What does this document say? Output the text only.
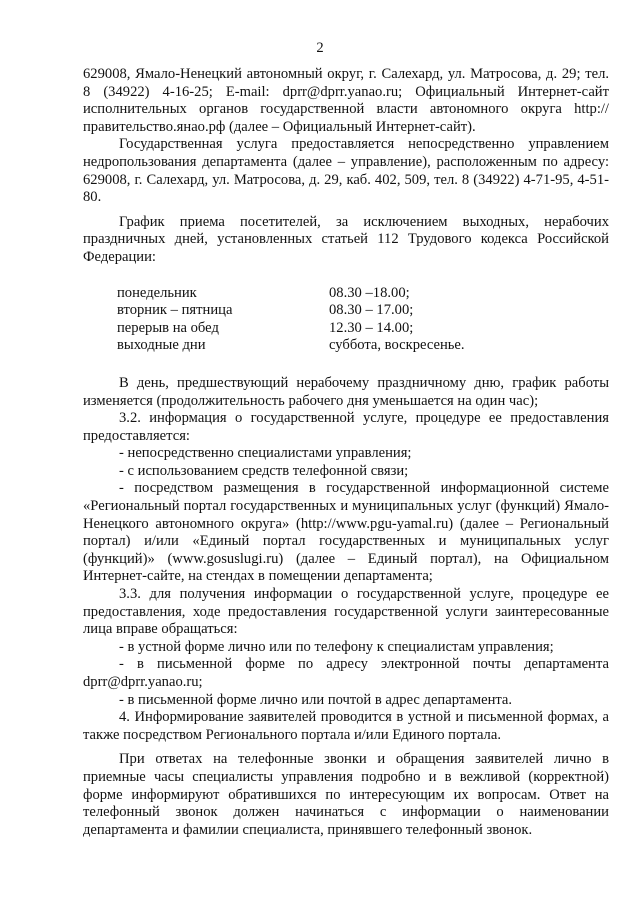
2

629008, Ямало-Ненецкий автономный округ, г. Салехард, ул. Матросова, д. 29; тел. 8 (34922) 4-16-25; E-mail: dprr@dprr.yanao.ru; Официальный Интернет-сайт исполнительных органов государственной власти автономного округа http://правительство.янао.рф (далее – Официальный Интернет-сайт).

Государственная услуга предоставляется непосредственно управлением недропользования департамента (далее – управление), расположенным по адресу: 629008, г. Салехард, ул. Матросова, д. 29, каб. 402, 509, тел. 8 (34922) 4-71-95, 4-51-80.

График приема посетителей, за исключением выходных, нерабочих праздничных дней, установленных статьей 112 Трудового кодекса Российской Федерации:

понедельник	08.30 –18.00;
вторник – пятница	08.30 – 17.00;
перерыв на обед	12.30 – 14.00;
выходные дни	суббота, воскресенье.

В день, предшествующий нерабочему праздничному дню, график работы изменяется (продолжительность рабочего дня уменьшается на один час);

3.2. информация о государственной услуге, процедуре ее предоставления предоставляется:

- непосредственно специалистами управления;

- с использованием средств телефонной связи;

- посредством размещения в государственной информационной системе «Региональный портал государственных и муниципальных услуг (функций) Ямало-Ненецкого автономного округа» (http://www.pgu-yamal.ru) (далее – Региональный портал) и/или «Единый портал государственных и муниципальных услуг (функций)» (www.gosuslugi.ru) (далее – Единый портал), на Официальном Интернет-сайте, на стендах в помещении департамента;

3.3. для получения информации о государственной услуге, процедуре ее предоставления, ходе предоставления государственной услуги заинтересованные лица вправе обращаться:

- в устной форме лично или по телефону к специалистам управления;

- в письменной форме по адресу электронной почты департамента dprr@dprr.yanao.ru;

- в письменной форме лично или почтой в адрес департамента.

4. Информирование заявителей проводится в устной и письменной формах, а также посредством Регионального портала и/или Единого портала.

При ответах на телефонные звонки и обращения заявителей лично в приемные часы специалисты управления подробно и в вежливой (корректной) форме информируют обратившихся по интересующим их вопросам. Ответ на телефонный звонок должен начинаться с информации о наименовании департамента и фамилии специалиста, принявшего телефонный звонок.
